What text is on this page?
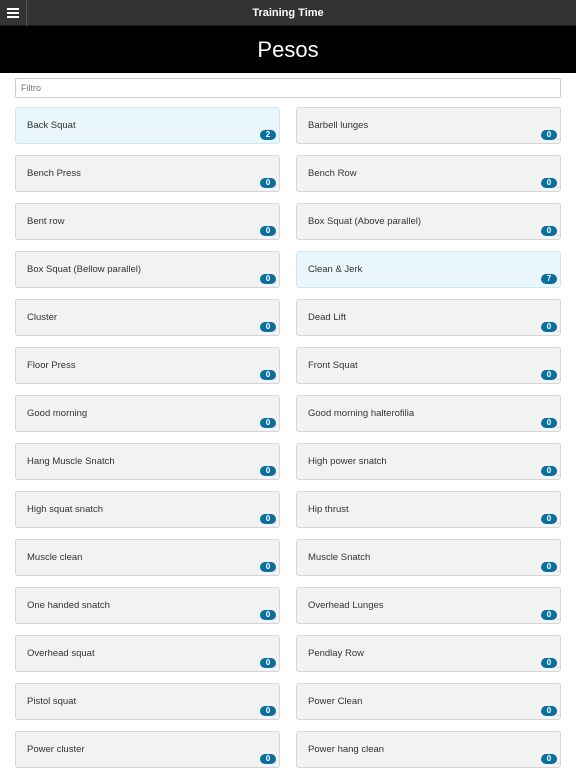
Training Time
Pesos
Filtro
Back Squat
2
Barbell lunges
0
Bench Press
0
Bench Row
0
Bent row
0
Box Squat (Above parallel)
0
Box Squat (Bellow parallel)
0
Clean & Jerk
7
Cluster
0
Dead Lift
0
Floor Press
0
Front Squat
0
Good morning
0
Good morning halterofilia
0
Hang Muscle Snatch
0
High power snatch
0
High squat snatch
0
Hip thrust
0
Muscle clean
0
Muscle Snatch
0
One handed snatch
0
Overhead Lunges
0
Overhead squat
0
Pendlay Row
0
Pistol squat
0
Power Clean
0
Power cluster
0
Power hang clean
0
